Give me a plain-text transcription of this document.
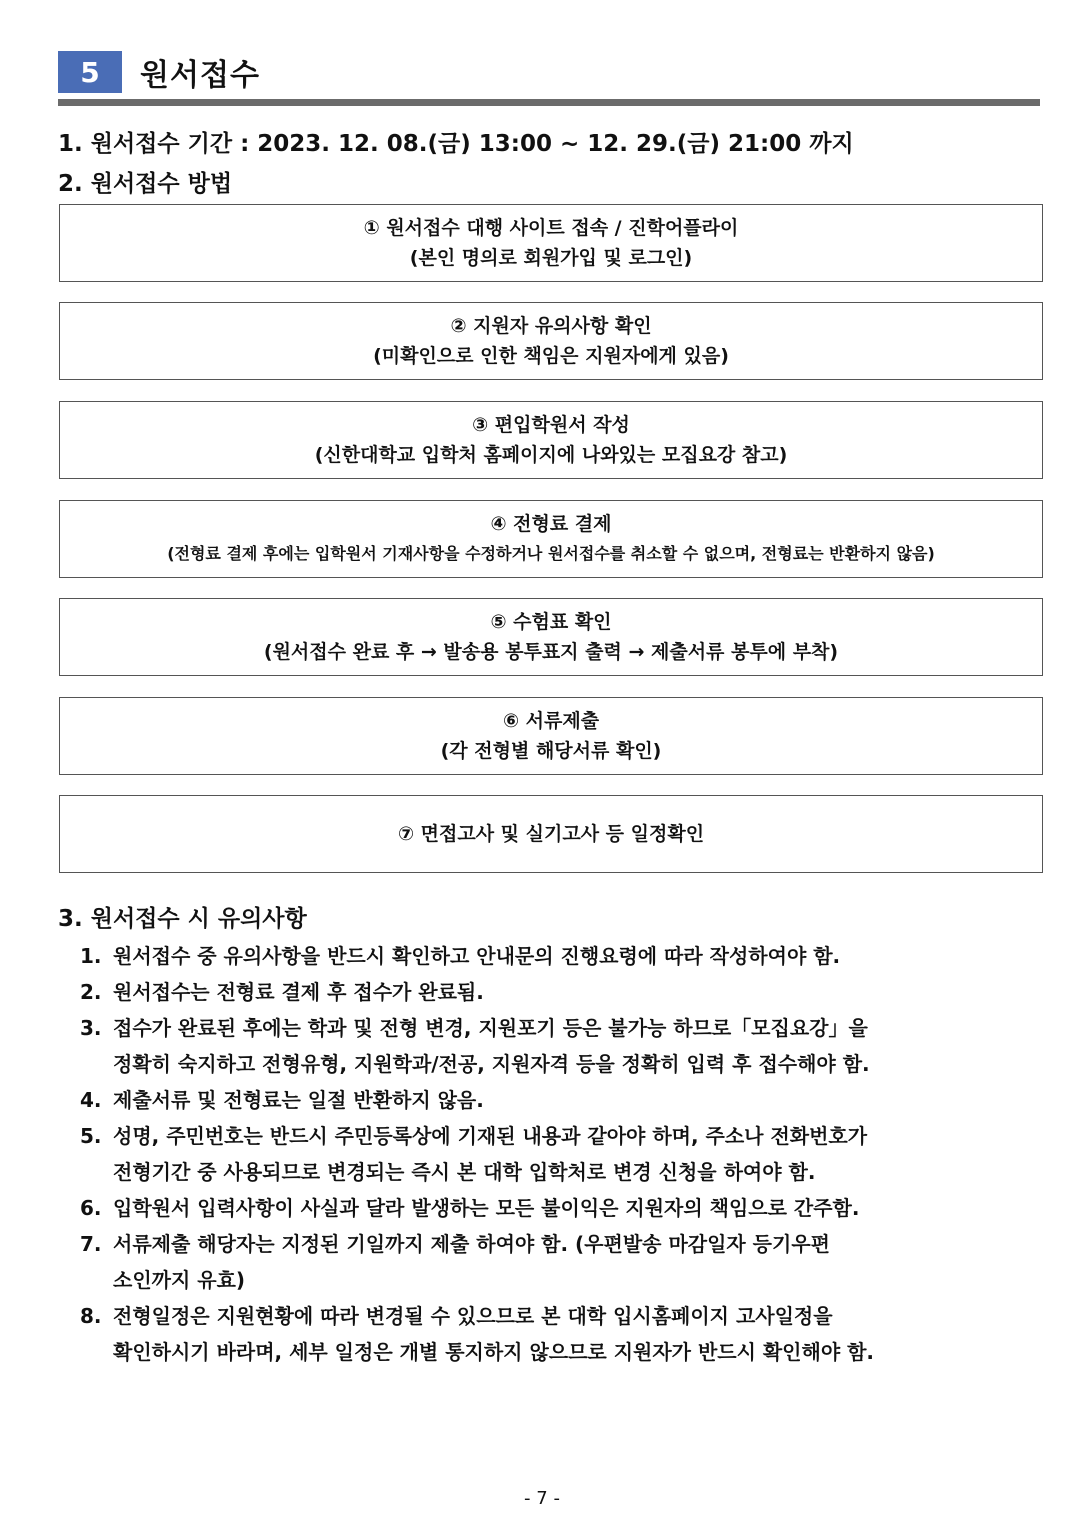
5	원서접수
1. 원서접수 기간 : 2023. 12. 08.(금) 13:00 ~ 12. 29.(금) 21:00 까지
2. 원서접수 방법
① 원서접수 대행 사이트 접속 / 진학어플라이
(본인 명의로 회원가입 및 로그인)
② 지원자 유의사항 확인
(미확인으로 인한 책임은 지원자에게 있음)
③ 편입학원서 작성
(신한대학교 입학처 홈페이지에 나와있는 모집요강 참고)
④ 전형료 결제
(전형료 결제 후에는 입학원서 기재사항을 수정하거나 원서접수를 취소할 수 없으며, 전형료는 반환하지 않음)
⑤ 수험표 확인
(원서접수 완료 후 → 발송용 봉투표지 출력 → 제출서류 봉투에 부착)
⑥ 서류제출
(각 전형별 해당서류 확인)
⑦ 면접고사 및 실기고사 등 일정확인
3. 원서접수 시 유의사항
1. 원서접수 중 유의사항을 반드시 확인하고 안내문의 진행요령에 따라 작성하여야 함.
2. 원서접수는 전형료 결제 후 접수가 완료됨.
3. 접수가 완료된 후에는 학과 및 전형 변경, 지원포기 등은 불가능 하므로「모집요강」을
정확히 숙지하고 전형유형, 지원학과/전공, 지원자격 등을 정확히 입력 후 접수해야 함.
4. 제출서류 및 전형료는 일절 반환하지 않음.
5. 성명, 주민번호는 반드시 주민등록상에 기재된 내용과 같아야 하며, 주소나 전화번호가
전형기간 중 사용되므로 변경되는 즉시 본 대학 입학처로 변경 신청을 하여야 함.
6. 입학원서 입력사항이 사실과 달라 발생하는 모든 불이익은 지원자의 책임으로 간주함.
7. 서류제출 해당자는 지정된 기일까지 제출 하여야 함. (우편발송 마감일자 등기우편
소인까지 유효)
8. 전형일정은 지원현황에 따라 변경될 수 있으므로 본 대학 입시홈페이지 고사일정을
확인하시기 바라며, 세부 일정은 개별 통지하지 않으므로 지원자가 반드시 확인해야 함.
- 7 -
